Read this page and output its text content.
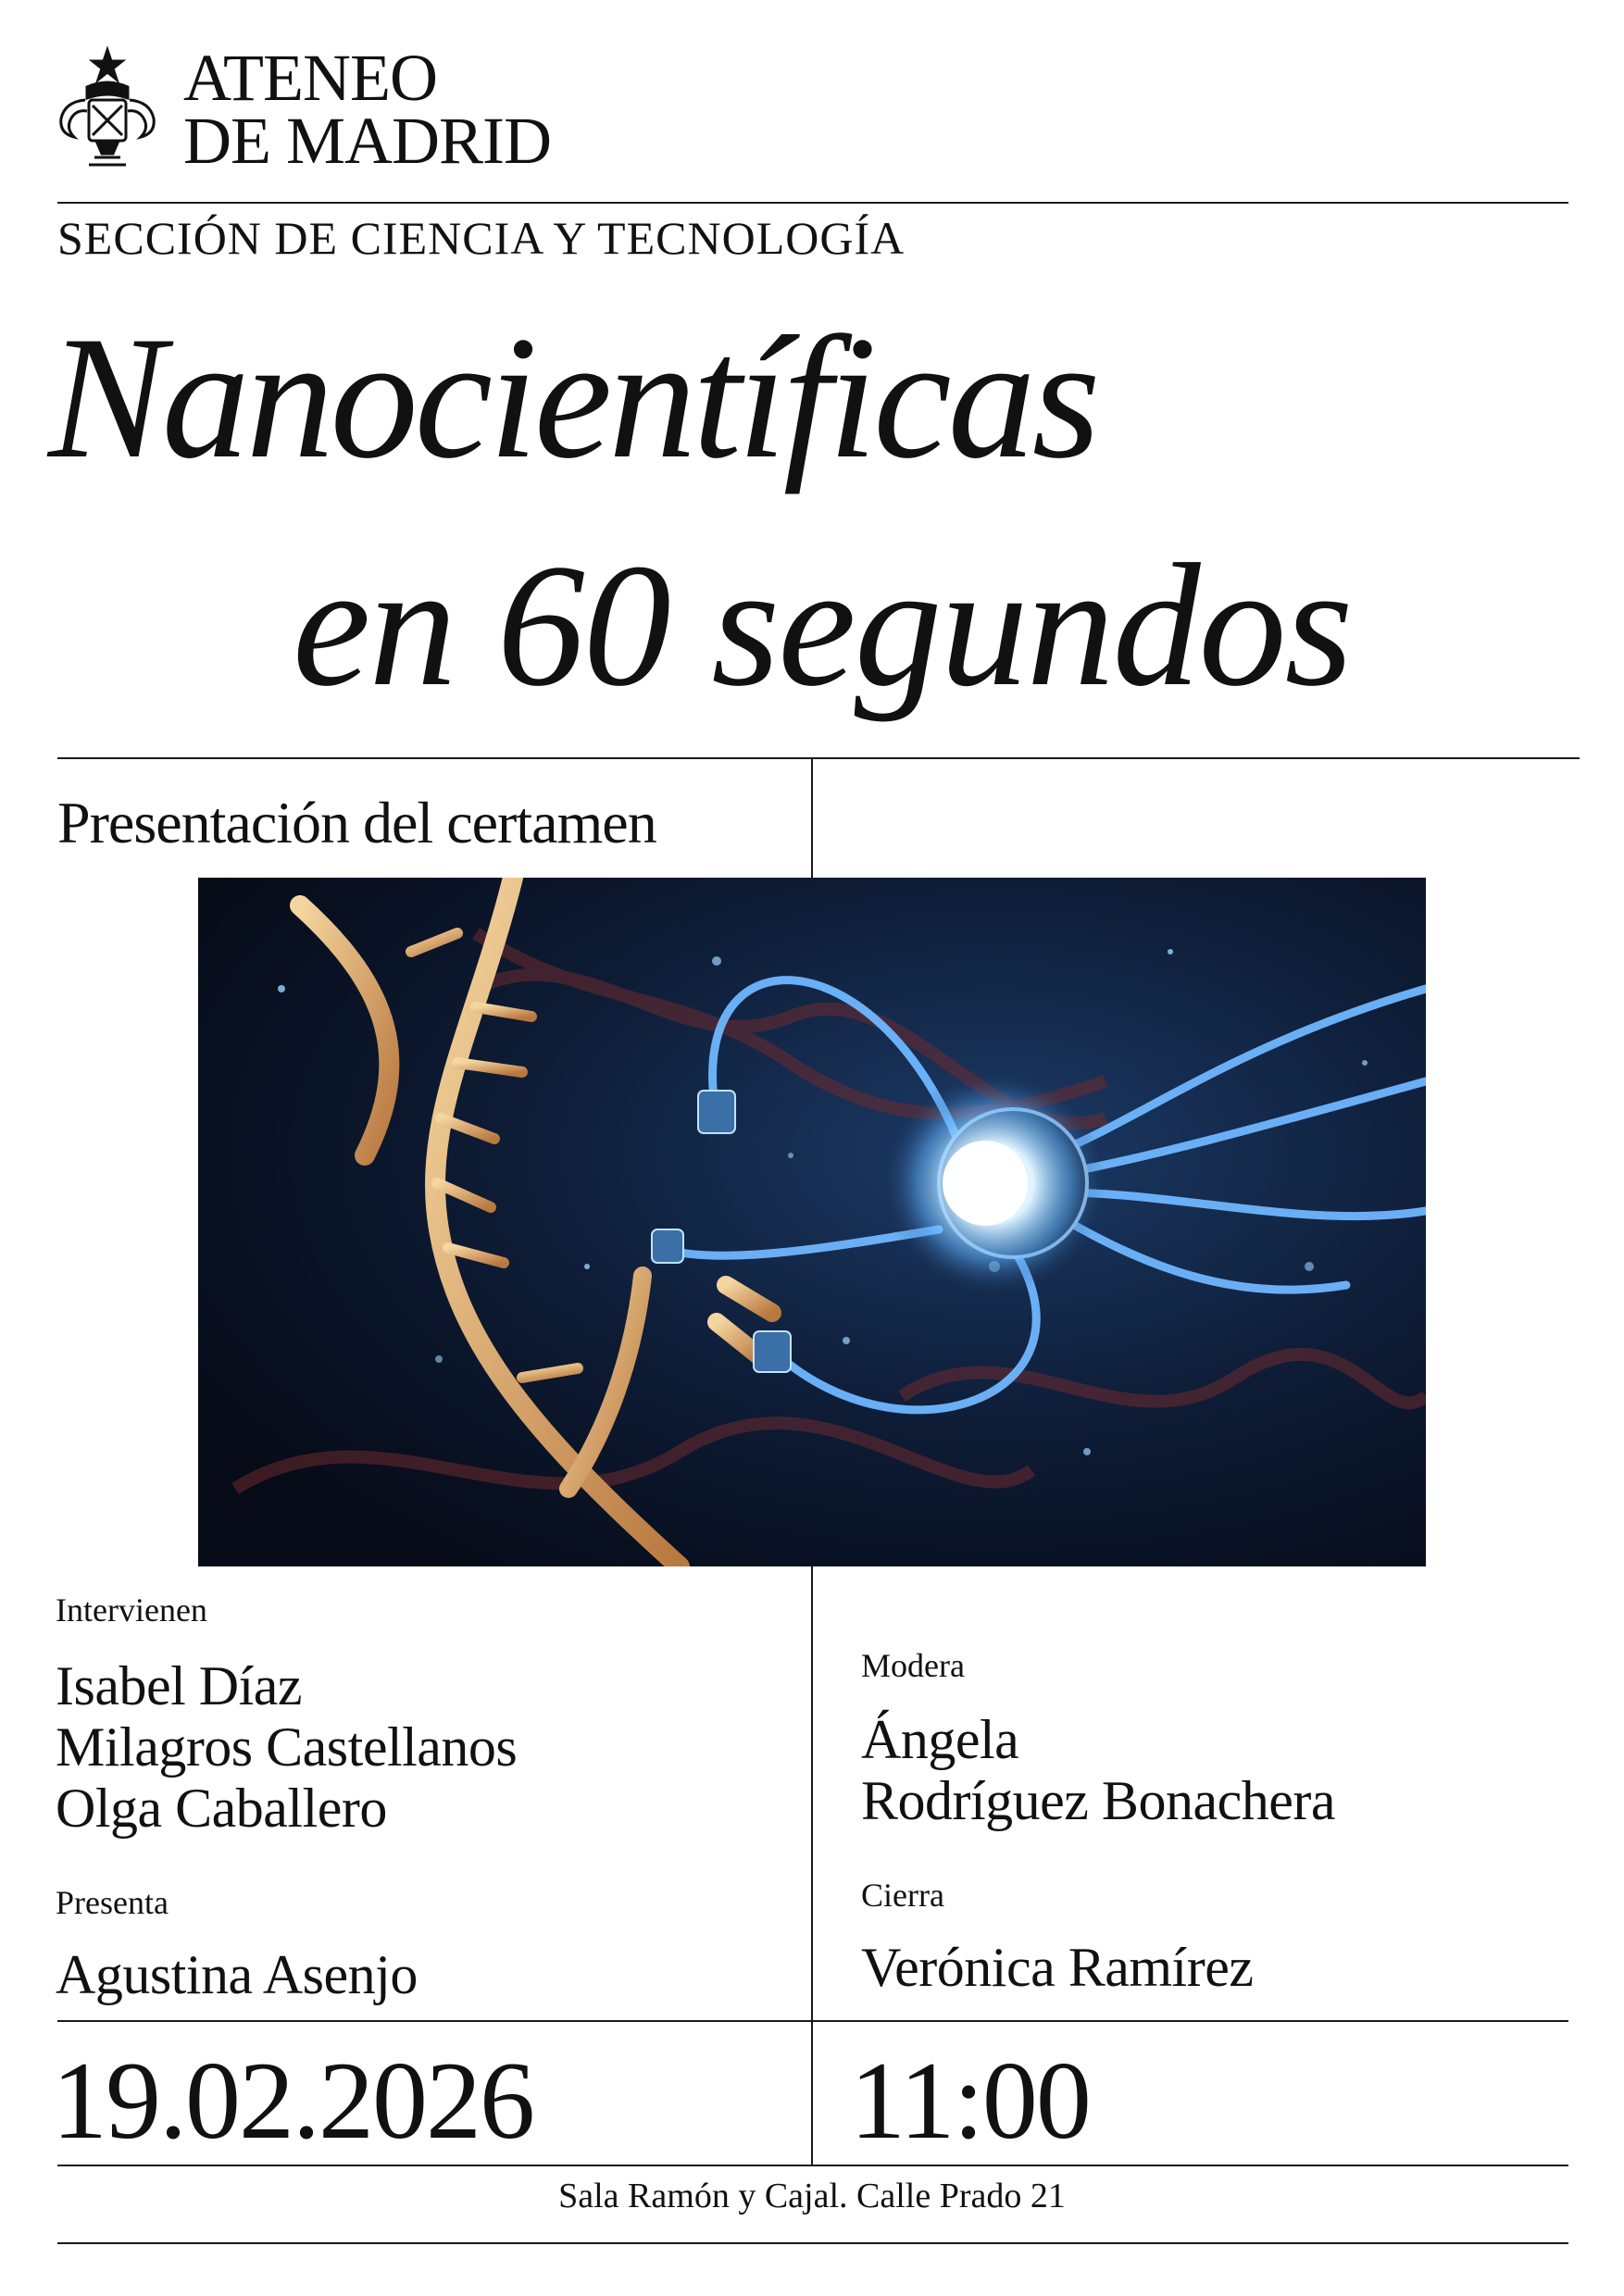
ATENEO
DE MADRID
SECCIÓN DE CIENCIA Y TECNOLOGÍA
Nanocientíficas
en 60 segundos
Presentación del certamen
Intervienen
Isabel Díaz
Milagros Castellanos
Olga Caballero
Presenta
Agustina Asenjo
Modera
Ángela
Rodríguez Bonachera
Cierra
Verónica Ramírez
19.02.2026	11:00
Sala Ramón y Cajal. Calle Prado 21
